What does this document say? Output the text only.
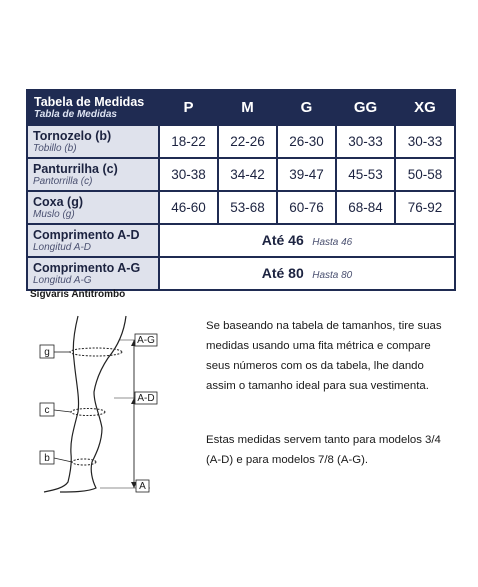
Tabela de Medidas
Tabla de Medidas	P	M	G	GG	XG

Tornozelo (b)
Tobillo (b)	18-22	22-26	26-30	30-33	30-33

Panturrilha (c)
Pantorrilla (c)	30-38	34-42	39-47	45-53	50-58

Coxa (g)
Muslo (g)	46-60	53-68	60-76	68-84	76-92

Comprimento A-D
Longitud A-D	Até 46 Hasta 46				

Comprimento A-G
Longitud A-G	Até 80 Hasta 80				
Sigvaris Antitrombo
g
c
b
A-G
A-D
A

Se baseando na tabela de tamanhos, tire suas medidas usando uma fita métrica e compare seus números com os da tabela, lhe dando assim o tamanho ideal para sua vestimenta.

Estas medidas servem tanto para modelos 3/4 (A-D) e para modelos 7/8 (A-G).
